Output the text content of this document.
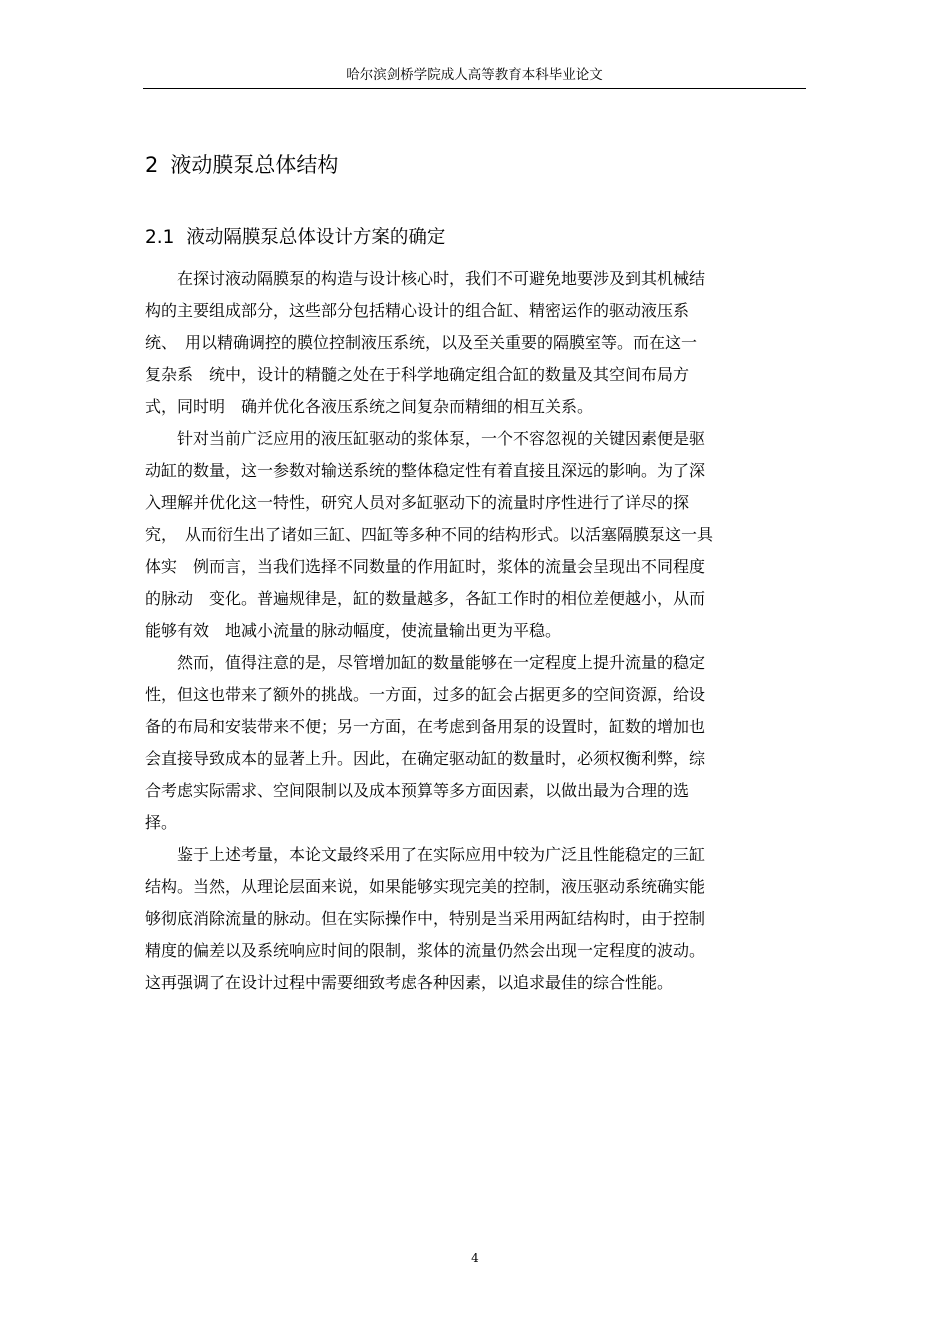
哈尔滨剑桥学院成人高等教育本科毕业论文
2 液动膜泵总体结构
2.1 液动隔膜泵总体设计方案的确定

在探讨液动隔膜泵的构造与设计核心时，我们不可避免地要涉及到其机械结
构的主要组成部分，这些部分包括精心设计的组合缸、精密运作的驱动液压系
统、　用以精确调控的膜位控制液压系统，以及至关重要的隔膜室等。而在这一
复杂系　统中，设计的精髓之处在于科学地确定组合缸的数量及其空间布局方
式，同时明　确并优化各液压系统之间复杂而精细的相互关系。

针对当前广泛应用的液压缸驱动的浆体泵，一个不容忽视的关键因素便是驱
动缸的数量，这一参数对输送系统的整体稳定性有着直接且深远的影响。为了深
入理解并优化这一特性，研究人员对多缸驱动下的流量时序性进行了详尽的探
究，　从而衍生出了诸如三缸、四缸等多种不同的结构形式。以活塞隔膜泵这一具
体实　例而言，当我们选择不同数量的作用缸时，浆体的流量会呈现出不同程度
的脉动　变化。普遍规律是，缸的数量越多，各缸工作时的相位差便越小，从而
能够有效　地减小流量的脉动幅度，使流量输出更为平稳。

然而，值得注意的是，尽管增加缸的数量能够在一定程度上提升流量的稳定
性，但这也带来了额外的挑战。一方面，过多的缸会占据更多的空间资源，给设
备的布局和安装带来不便；另一方面，在考虑到备用泵的设置时，缸数的增加也
会直接导致成本的显著上升。因此，在确定驱动缸的数量时，必须权衡利弊，综
合考虑实际需求、空间限制以及成本预算等多方面因素，以做出最为合理的选
择。

鉴于上述考量，本论文最终采用了在实际应用中较为广泛且性能稳定的三缸
结构。当然，从理论层面来说，如果能够实现完美的控制，液压驱动系统确实能
够彻底消除流量的脉动。但在实际操作中，特别是当采用两缸结构时，由于控制
精度的偏差以及系统响应时间的限制，浆体的流量仍然会出现一定程度的波动。
这再强调了在设计过程中需要细致考虑各种因素，以追求最佳的综合性能。

4
